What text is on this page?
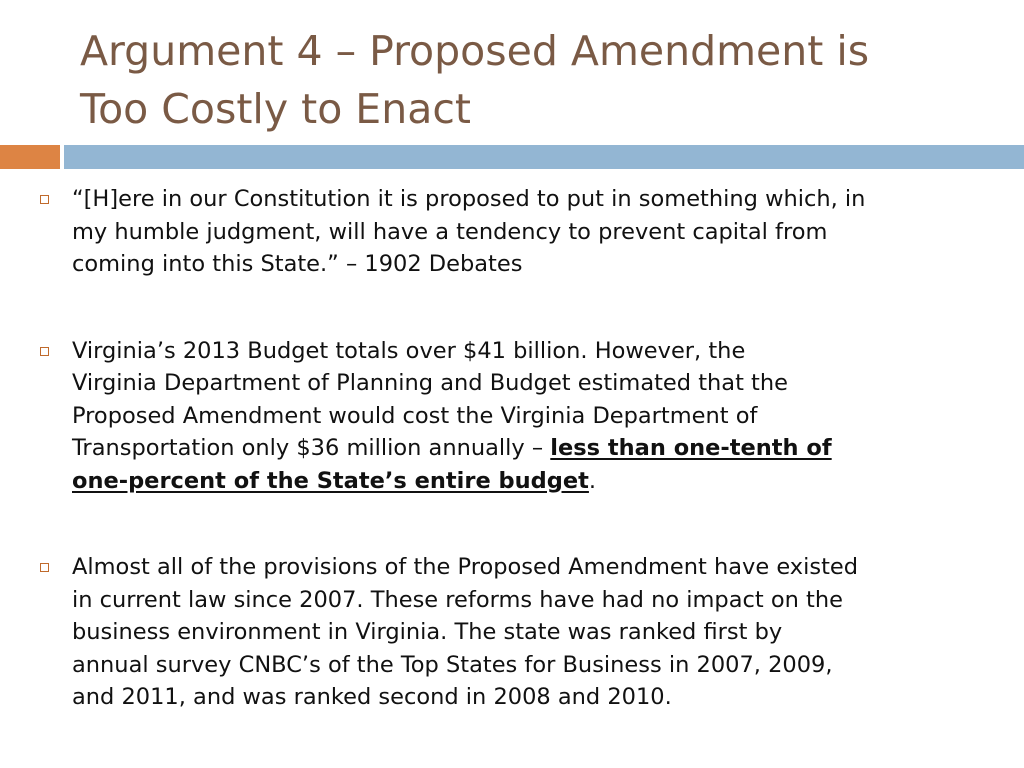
Argument 4 – Proposed Amendment is
Too Costly to Enact
“[H]ere in our Constitution it is proposed to put in something which, in
my humble judgment, will have a tendency to prevent capital from
coming into this State.” – 1902 Debates
Virginia’s 2013 Budget totals over $41 billion. However, the
Virginia Department of Planning and Budget estimated that the
Proposed Amendment would cost the Virginia Department of
Transportation only $36 million annually – less than one-tenth of
one-percent of the State’s entire budget.
Almost all of the provisions of the Proposed Amendment have existed
in current law since 2007. These reforms have had no impact on the
business environment in Virginia. The state was ranked first by
annual survey CNBC’s of the Top States for Business in 2007, 2009,
and 2011, and was ranked second in 2008 and 2010.
